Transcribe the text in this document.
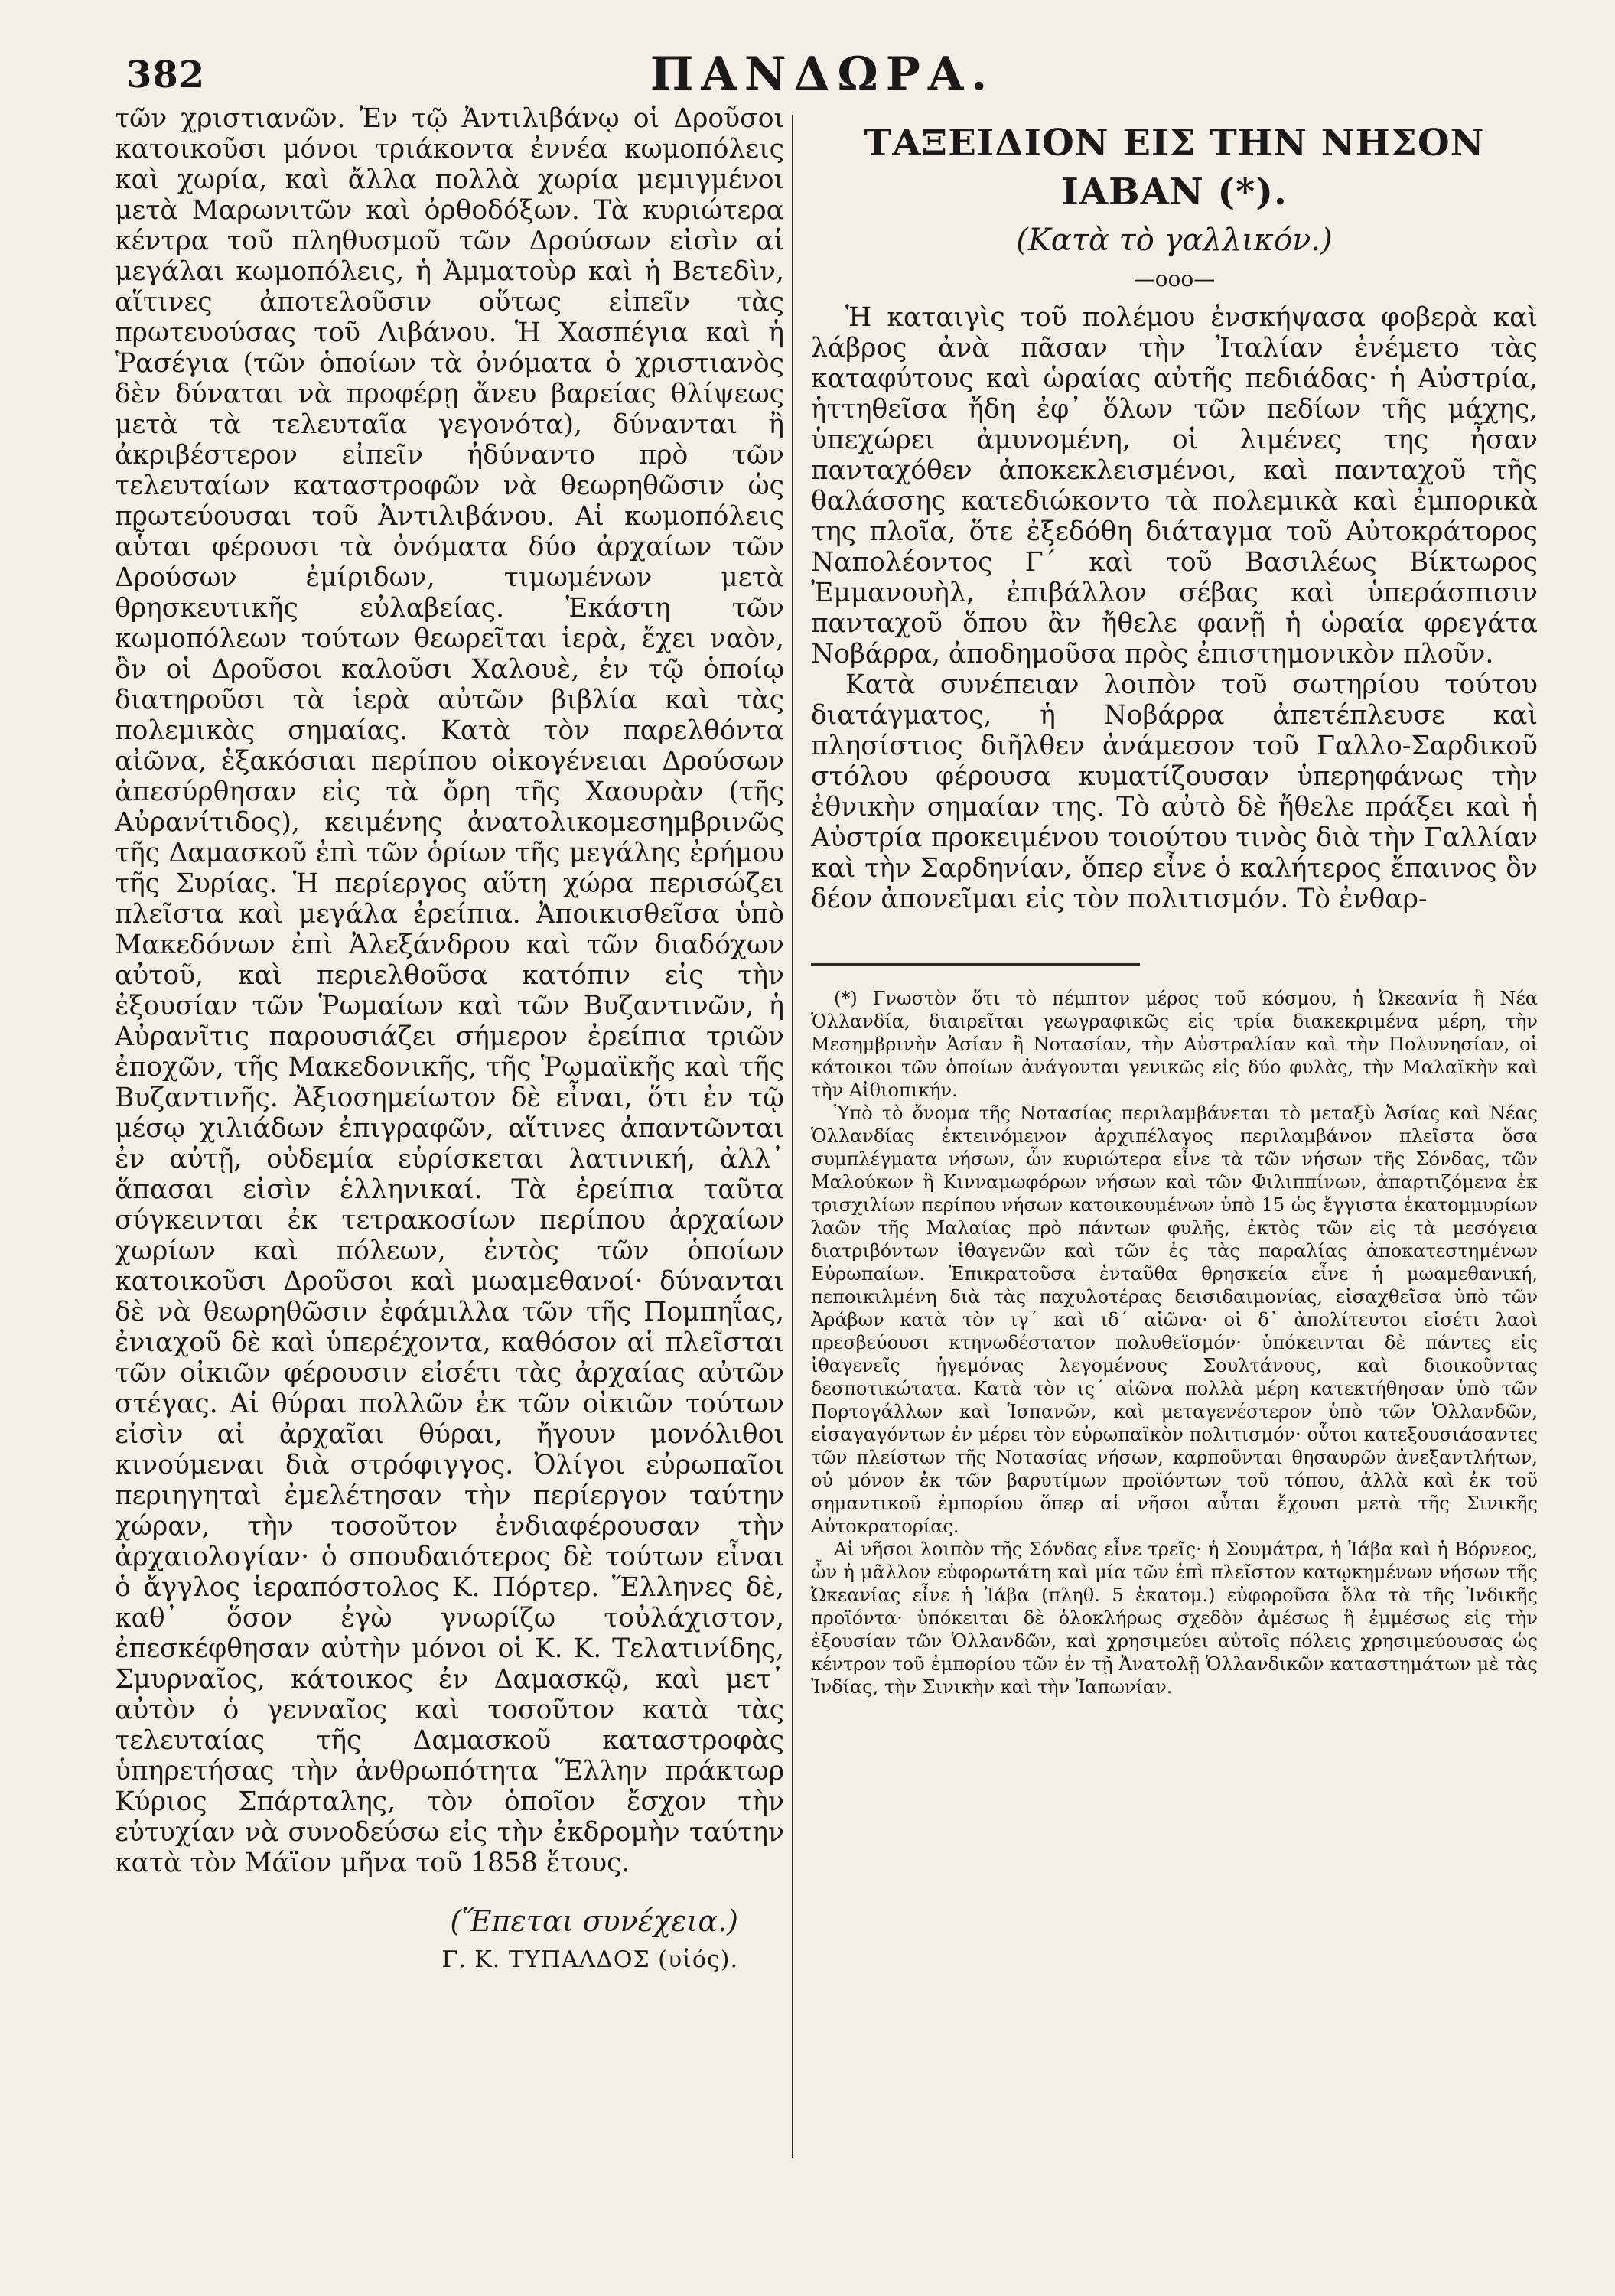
382	ΠΑΝΔΩΡΑ.

τῶν χριστιανῶν. Ἐν τῷ Ἀντιλιβάνῳ οἱ Δροῦσοι κατοικοῦσι μόνοι τριάκοντα ἐννέα κωμοπόλεις καὶ χωρία, καὶ ἄλλα πολλὰ χωρία μεμιγμένοι μετὰ Μαρωνιτῶν καὶ ὀρθοδόξων. Τὰ κυριώτερα κέντρα τοῦ πληθυσμοῦ τῶν Δρούσων εἰσὶν αἱ μεγάλαι κωμοπόλεις, ἡ Ἀμματοὺρ καὶ ἡ Βετεδὶν, αἵτινες ἀποτελοῦσιν οὕτως εἰπεῖν τὰς πρωτευούσας τοῦ Λιβάνου. Ἡ Χασπέγια καὶ ἡ Ῥασέγια (τῶν ὁποίων τὰ ὀνόματα ὁ χριστιανὸς δὲν δύναται νὰ προφέρῃ ἄνευ βαρείας θλίψεως μετὰ τὰ τελευταῖα γεγονότα), δύνανται ἢ ἀκριβέστερον εἰπεῖν ἠδύναντο πρὸ τῶν τελευταίων καταστροφῶν νὰ θεωρηθῶσιν ὡς πρωτεύουσαι τοῦ Ἀντιλιβάνου. Αἱ κωμοπόλεις αὗται φέρουσι τὰ ὀνόματα δύο ἀρχαίων τῶν Δρούσων ἐμίριδων, τιμωμένων μετὰ θρησκευτικῆς εὐλαβείας. Ἑκάστη τῶν κωμοπόλεων τούτων θεωρεῖται ἱερὰ, ἔχει ναὸν, ὃν οἱ Δροῦσοι καλοῦσι Χαλουὲ, ἐν τῷ ὁποίῳ διατηροῦσι τὰ ἱερὰ αὐτῶν βιβλία καὶ τὰς πολεμικὰς σημαίας. Κατὰ τὸν παρελθόντα αἰῶνα, ἑξακόσιαι περίπου οἰκογένειαι Δρούσων ἀπεσύρθησαν εἰς τὰ ὄρη τῆς Χαουρὰν (τῆς Αὐρανίτιδος), κειμένης ἀνατολικομεσημβρινῶς τῆς Δαμασκοῦ ἐπὶ τῶν ὁρίων τῆς μεγάλης ἐρήμου τῆς Συρίας. Ἡ περίεργος αὕτη χώρα περισώζει πλεῖστα καὶ μεγάλα ἐρείπια. Ἀποικισθεῖσα ὑπὸ Μακεδόνων ἐπὶ Ἀλεξάνδρου καὶ τῶν διαδόχων αὐτοῦ, καὶ περιελθοῦσα κατόπιν εἰς τὴν ἐξουσίαν τῶν Ῥωμαίων καὶ τῶν Βυζαντινῶν, ἡ Αὐρανῖτις παρουσιάζει σήμερον ἐρείπια τριῶν ἐποχῶν, τῆς Μακεδονικῆς, τῆς Ῥωμαϊκῆς καὶ τῆς Βυζαντινῆς. Ἀξιοσημείωτον δὲ εἶναι, ὅτι ἐν τῷ μέσῳ χιλιάδων ἐπιγραφῶν, αἵτινες ἀπαντῶνται ἐν αὐτῇ, οὐδεμία εὑρίσκεται λατινική, ἀλλ᾽ ἅπασαι εἰσὶν ἑλληνικαί. Τὰ ἐρείπια ταῦτα σύγκεινται ἐκ τετρακοσίων περίπου ἀρχαίων χωρίων καὶ πόλεων, ἐντὸς τῶν ὁποίων κατοικοῦσι Δροῦσοι καὶ μωαμεθανοί· δύνανται δὲ νὰ θεωρηθῶσιν ἐφάμιλλα τῶν τῆς Πομπηΐας, ἐνιαχοῦ δὲ καὶ ὑπερέχοντα, καθόσον αἱ πλεῖσται τῶν οἰκιῶν φέρουσιν εἰσέτι τὰς ἀρχαίας αὐτῶν στέγας. Αἱ θύραι πολλῶν ἐκ τῶν οἰκιῶν τούτων εἰσὶν αἱ ἀρχαῖαι θύραι, ἤγουν μονόλιθοι κινούμεναι διὰ στρόφιγγος. Ὀλίγοι εὐρωπαῖοι περιηγηταὶ ἐμελέτησαν τὴν περίεργον ταύτην χώραν, τὴν τοσοῦτον ἐνδιαφέρουσαν τὴν ἀρχαιολογίαν· ὁ σπουδαιότερος δὲ τούτων εἶναι ὁ ἄγγλος ἱεραπόστολος Κ. Πόρτερ. Ἕλληνες δὲ, καθ᾽ ὅσον ἐγὼ γνωρίζω τοὐλάχιστον, ἐπεσκέφθησαν αὐτὴν μόνοι οἱ Κ. Κ. Τελατινίδης, Σμυρναῖος, κάτοικος ἐν Δαμασκῷ, καὶ μετ᾽ αὐτὸν ὁ γενναῖος καὶ τοσοῦτον κατὰ τὰς τελευταίας τῆς Δαμασκοῦ καταστροφὰς ὑπηρετήσας τὴν ἀνθρωπότητα Ἕλλην πράκτωρ Κύριος Σπάρταλης, τὸν ὁποῖον ἔσχον τὴν εὐτυχίαν νὰ συνοδεύσω εἰς τὴν ἐκδρομὴν ταύτην κατὰ τὸν Μάϊον μῆνα τοῦ 1858 ἔτους.

(Ἕπεται συνέχεια.)
Γ. Κ. ΤΥΠΑΛΔΟΣ (υἱός).
ΤΑΞΕΙΔΙΟΝ ΕΙΣ ΤΗΝ ΝΗΣΟΝ ΙΑΒΑΝ (*).
(Κατὰ τὸ γαλλικόν.)
—ooo—

Ἡ καταιγὶς τοῦ πολέμου ἐνσκήψασα φοβερὰ καὶ λάβρος ἀνὰ πᾶσαν τὴν Ἰταλίαν ἐνέμετο τὰς καταφύτους καὶ ὡραίας αὐτῆς πεδιάδας· ἡ Αὐστρία, ἡττηθεῖσα ἤδη ἐφ᾽ ὅλων τῶν πεδίων τῆς μάχης, ὑπεχώρει ἀμυνομένη, οἱ λιμένες της ἦσαν πανταχόθεν ἀποκεκλεισμένοι, καὶ πανταχοῦ τῆς θαλάσσης κατεδιώκοντο τὰ πολεμικὰ καὶ ἐμπορικὰ της πλοῖα, ὅτε ἐξεδόθη διάταγμα τοῦ Αὐτοκράτορος Ναπολέοντος Γ΄ καὶ τοῦ Βασιλέως Βίκτωρος Ἐμμανουὴλ, ἐπιβάλλον σέβας καὶ ὑπεράσπισιν πανταχοῦ ὅπου ἂν ἤθελε φανῇ ἡ ὡραία φρεγάτα Νοβάρρα, ἀποδημοῦσα πρὸς ἐπιστημονικὸν πλοῦν.

Κατὰ συνέπειαν λοιπὸν τοῦ σωτηρίου τούτου διατάγματος, ἡ Νοβάρρα ἀπετέπλευσε καὶ πλησίστιος διῆλθεν ἀνάμεσον τοῦ Γαλλο-Σαρδικοῦ στόλου φέρουσα κυματίζουσαν ὑπερηφάνως τὴν ἐθνικὴν σημαίαν της. Τὸ αὐτὸ δὲ ἤθελε πράξει καὶ ἡ Αὐστρία προκειμένου τοιούτου τινὸς διὰ τὴν Γαλλίαν καὶ τὴν Σαρδηνίαν, ὅπερ εἶνε ὁ καλήτερος ἔπαινος ὃν δέον ἀπονεῖμαι εἰς τὸν πολιτισμόν. Τὸ ἐνθαρ-

(*) Γνωστὸν ὅτι τὸ πέμπτον μέρος τοῦ κόσμου, ἡ Ὠκεανία ἢ Νέα Ὁλλανδία, διαιρεῖται γεωγραφικῶς εἰς τρία διακεκριμένα μέρη, τὴν Μεσημβρινὴν Ἀσίαν ἢ Νοτασίαν, τὴν Αὐστραλίαν καὶ τὴν Πολυνησίαν, οἱ κάτοικοι τῶν ὁποίων ἀνάγονται γενικῶς εἰς δύο φυλὰς, τὴν Μαλαϊκὴν καὶ τὴν Αἰθιοπικήν.

Ὑπὸ τὸ ὄνομα τῆς Νοτασίας περιλαμβάνεται τὸ μεταξὺ Ἀσίας καὶ Νέας Ὁλλανδίας ἐκτεινόμενον ἀρχιπέλαγος περιλαμβάνον πλεῖστα ὅσα συμπλέγματα νήσων, ὧν κυριώτερα εἶνε τὰ τῶν νήσων τῆς Σόνδας, τῶν Μαλούκων ἢ Κινναμωφόρων νήσων καὶ τῶν Φιλιππίνων, ἀπαρτιζόμενα ἐκ τρισχιλίων περίπου νήσων κατοικουμένων ὑπὸ 15 ὡς ἔγγιστα ἑκατομμυρίων λαῶν τῆς Μαλαίας πρὸ πάντων φυλῆς, ἐκτὸς τῶν εἰς τὰ μεσόγεια διατριβόντων ἰθαγενῶν καὶ τῶν ἐς τὰς παραλίας ἀποκατεστημένων Εὐρωπαίων. Ἐπικρατοῦσα ἐνταῦθα θρησκεία εἶνε ἡ μωαμεθανική, πεποικιλμένη διὰ τὰς παχυλοτέρας δεισιδαιμονίας, εἰσαχθεῖσα ὑπὸ τῶν Ἀράβων κατὰ τὸν ιγ΄ καὶ ιδ΄ αἰῶνα· οἱ δ᾽ ἀπολίτευτοι εἰσέτι λαοὶ πρεσβεύουσι κτηνωδέστατον πολυθεϊσμόν· ὑπόκεινται δὲ πάντες εἰς ἰθαγενεῖς ἡγεμόνας λεγομένους Σουλτάνους, καὶ διοικοῦντας δεσποτικώτατα. Κατὰ τὸν ις΄ αἰῶνα πολλὰ μέρη κατεκτήθησαν ὑπὸ τῶν Πορτογάλλων καὶ Ἱσπανῶν, καὶ μεταγενέστερον ὑπὸ τῶν Ὁλλανδῶν, εἰσαγαγόντων ἐν μέρει τὸν εὐρωπαϊκὸν πολιτισμόν· οὗτοι κατεξουσιάσαντες τῶν πλείστων τῆς Νοτασίας νήσων, καρποῦνται θησαυρῶν ἀνεξαντλήτων, οὐ μόνον ἐκ τῶν βαρυτίμων προϊόντων τοῦ τόπου, ἀλλὰ καὶ ἐκ τοῦ σημαντικοῦ ἐμπορίου ὅπερ αἱ νῆσοι αὗται ἔχουσι μετὰ τῆς Σινικῆς Αὐτοκρατορίας.

Αἱ νῆσοι λοιπὸν τῆς Σόνδας εἶνε τρεῖς· ἡ Σουμάτρα, ἡ Ἰάβα καὶ ἡ Βόρνεος, ὧν ἡ μᾶλλον εὐφορωτάτη καὶ μία τῶν ἐπὶ πλεῖστον κατῳκημένων νήσων τῆς Ὠκεανίας εἶνε ἡ Ἰάβα (πληθ. 5 ἑκατομ.) εὐφοροῦσα ὅλα τὰ τῆς Ἰνδικῆς προϊόντα· ὑπόκειται δὲ ὁλοκλήρως σχεδὸν ἀμέσως ἢ ἐμμέσως εἰς τὴν ἐξουσίαν τῶν Ὁλλανδῶν, καὶ χρησιμεύει αὐτοῖς πόλεις χρησιμεύουσας ὡς κέντρον τοῦ ἐμπορίου τῶν ἐν τῇ Ἀνατολῇ Ὁλλανδικῶν καταστημάτων μὲ τὰς Ἰνδίας, τὴν Σινικὴν καὶ τὴν Ἰαπωνίαν.
